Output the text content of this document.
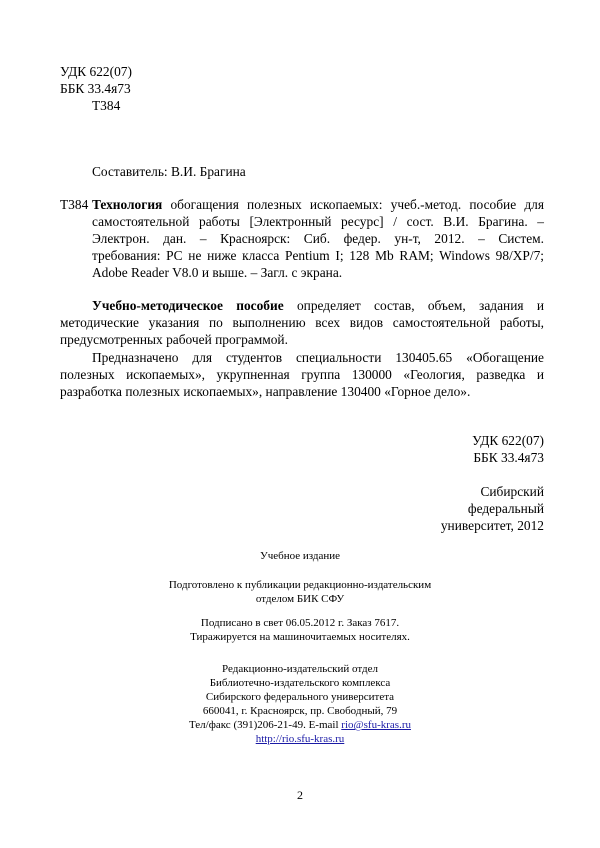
УДК 622(07)
ББК 33.4я73
Т384
Составитель: В.И. Брагина
Т384 Технология обогащения полезных ископаемых: учеб.-метод. пособие для
самостоятельной работы [Электронный ресурс] / сост. В.И. Брагина. –
Электрон. дан. – Красноярск: Сиб. федер. ун-т, 2012. – Систем.
требования: PC не ниже класса Pentium I; 128 Mb RAM; Windows 98/XP/7;
Adobe Reader V8.0 и выше. – Загл. с экрана.
Учебно-методическое пособие определяет состав, объем, задания и
методические указания по выполнению всех видов самостоятельной работы,
предусмотренных рабочей программой.
Предназначено для студентов специальности 130405.65 «Обогащение
полезных ископаемых», укрупненная группа 130000 «Геология, разведка и
разработка полезных ископаемых», направление 130400 «Горное дело».
УДК 622(07)
ББК 33.4я73
Сибирский
федеральный
университет, 2012
Учебное издание
Подготовлено к публикации редакционно-издательским
отделом БИК СФУ
Подписано в свет 06.05.2012 г. Заказ 7617.
Тиражируется на машиночитаемых носителях.
Редакционно-издательский отдел
Библиотечно-издательского комплекса
Сибирского федерального университета
660041, г. Красноярск, пр. Свободный, 79
Тел/факс (391)206-21-49. E-mail rio@sfu-kras.ru
http://rio.sfu-kras.ru
2
